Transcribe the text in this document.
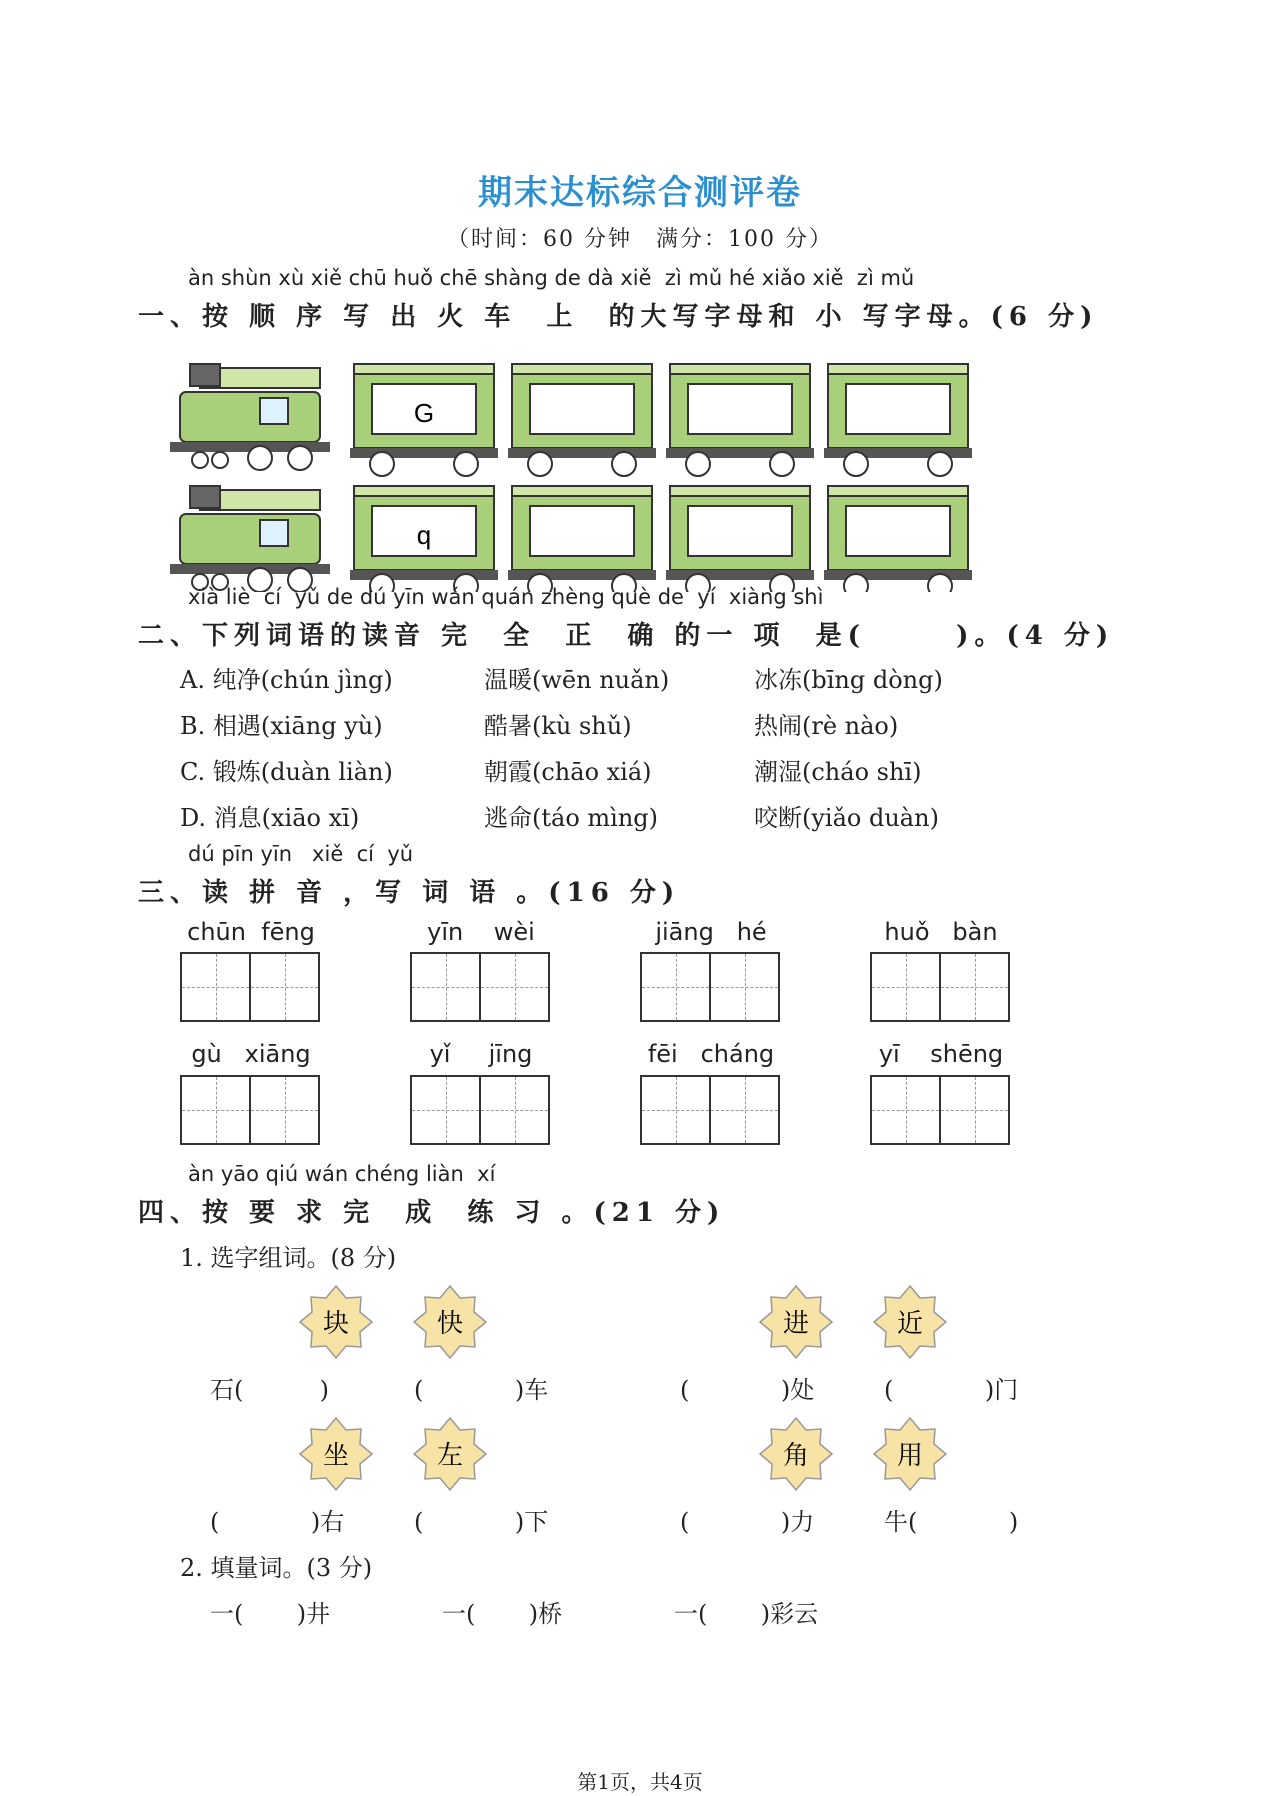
期末达标综合测评卷
（时间：60 分钟　满分：100 分）
àn shùn xù xiě chū huǒ chē shàng de dà xiě  zì mǔ hé xiǎo xiě  zì mǔ
一、按 顺 序 写 出 火 车  上  的大写字母和 小 写字母。(6 分)
G
q
xià liè  cí  yǔ de dú yīn wán quán zhèng què de  yí  xiàng shì
二、下列词语的读音 完  全  正  确 的一 项  是(      )。(4 分)
A. 纯净(chún jìng)	温暖(wēn nuǎn)	冰冻(bīng dòng)
B. 相遇(xiāng yù)	酷暑(kù shǔ)	热闹(rè nào)
C. 锻炼(duàn liàn)	朝霞(chāo xiá)	潮湿(cháo shī)
D. 消息(xiāo xī)	逃命(táo mìng)	咬断(yiǎo duàn)
dú pīn yīn   xiě  cí  yǔ
三、读 拼 音 ，写 词 语 。(16 分)
chūn  fēng	yīn    wèi	jiāng   hé	huǒ   bàn
gù   xiāng	yǐ     jīng	fēi   cháng	yī    shēng
àn yāo qiú wán chéng liàn  xí
四、按 要 求 完  成  练 习 。(21 分)
1. 选字组词。(8 分)
块	快	进	近
坐	左	角	用
石(          )	(            )车	(            )处	(            )门
(            )右	(            )下	(            )力	牛(            )
2. 填量词。(3 分)
一(       )井	一(       )桥	一(       )彩云
第1页，共4页
